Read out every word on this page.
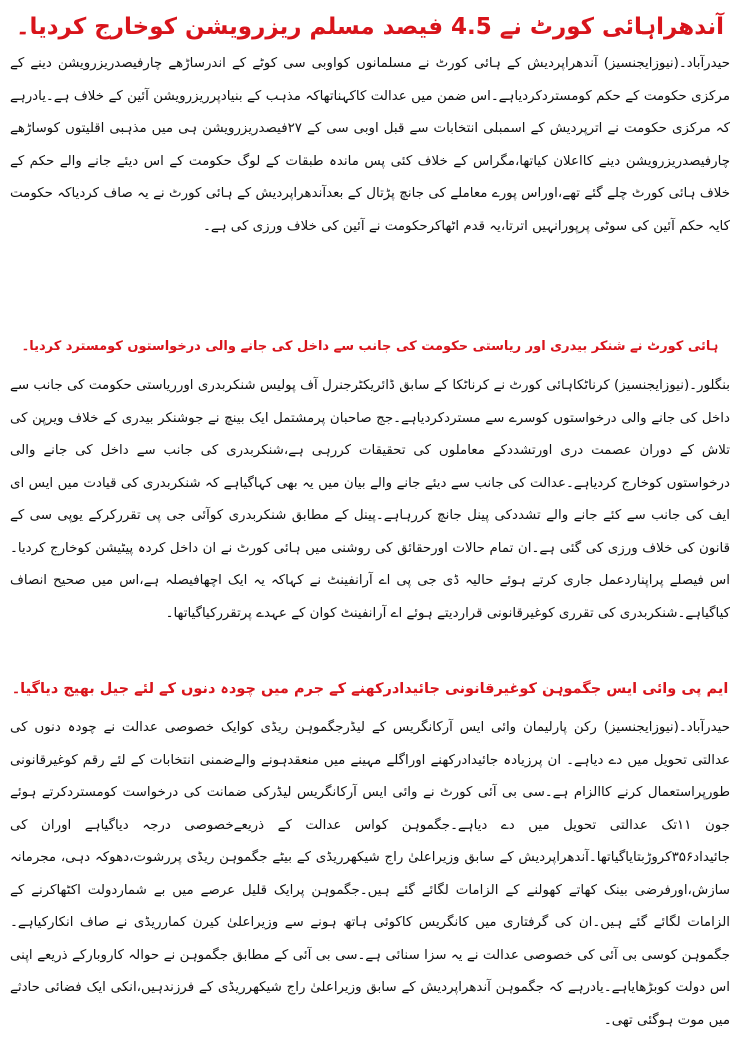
آندھراہائی کورٹ نے 4.5 فیصد مسلم ریزرویشن کوخارج کردیا۔

حیدرآباد۔(نیوزایجنسیز) آندھراپردیش کے ہائی کورٹ نے مسلمانوں کواوبی سی کوٹے کے اندرساڑھے چارفیصدریزرویشن دینے کے مرکزی حکومت کے حکم کومستردکردیاہے۔اس ضمن میں عدالت کاکہناتھاکہ مذہب کے بنیادپرریزرویشن آئین کے خلاف ہے۔یادرہے کہ مرکزی حکومت نے اترپردیش کے اسمبلی انتخابات سے قبل اوبی سی کے ۲۷فیصدریزرویشن ہی میں مذہبی اقلیتوں کوساڑھے چارفیصدریزرویشن دینے کااعلان کیاتھا،مگراس کے خلاف کئی پس ماندہ طبقات کے لوگ حکومت کے اس دیئے جانے والے حکم کے خلاف ہائی کورٹ چلے گئے تھے،اوراس پورے معاملے کی جانچ پڑتال کے بعدآندھراپردیش کے ہائی کورٹ نے یہ صاف کردیاکہ حکومت کایہ حکم آئین کی سوٹی پرپورانہیں اترتا،یہ قدم اٹھاکرحکومت نے آئین کی خلاف ورزی کی ہے۔

ہائی کورٹ نے شنکر بیدری اور ریاستی حکومت کی جانب سے داخل کی جانے والی درخواستوں کومسترد کردیا۔

بنگلور۔(نیوزایجنسیز) کرناٹکاہائی کورٹ نے کرناٹکا کے سابق ڈائریکٹرجنرل آف پولیس شنکربدری اورریاستی حکومت کی جانب سے داخل کی جانے والی درخواستوں کوسرے سے مستردکردیاہے۔جج صاحبان پرمشتمل ایک بینچ نے جوشنکر بیدری کے خلاف ویرپن کی تلاش کے دوران عصمت دری اورتشددکے معاملوں کی تحقیقات کررہی ہے،شنکربدری کی جانب سے داخل کی جانے والی درخواستوں کوخارج کردیاہے۔عدالت کی جانب سے دیئے جانے والے بیان میں یہ بھی کہاگیاہے کہ شنکربدری کی قیادت میں ایس ای ایف کی جانب سے کئے جانے والے تشددکی پینل جانچ کررہاہے۔پینل کے مطابق شنکربدری کوآئی جی پی تقررکرکے یوپی سی کے قانون کی خلاف ورزی کی گئی ہے۔ان تمام حالات اورحقائق کی روشنی میں ہائی کورٹ نے ان داخل کردہ پیٹیشن کوخارج کردیا۔اس فیصلے پراپناردعمل جاری کرتے ہوئے حالیہ ڈی جی پی اے آرانفینٹ نے کہاکہ یہ ایک اچھافیصلہ ہے،اس میں صحیح انصاف کیاگیاہے۔شنکربدری کی تقرری کوغیرقانونی قراردیتے ہوئے اے آرانفینٹ کوان کے عہدے پرتقررکیاگیاتھا۔

ایم پی وائی ایس جگموہن کوغیرقانونی جائیدادرکھنے کے جرم میں چودہ دنوں کے لئے جیل بھیج دیاگیا۔

حیدرآباد۔(نیوزایجنسیز) رکن پارلیمان وائی ایس آرکانگریس کے لیڈرجگموہن ریڈی کوایک خصوصی عدالت نے چودہ دنوں کی عدالتی تحویل میں دے دیاہے۔ ان پرزیادہ جائیدادرکھنے اوراگلے مہینے میں منعقدہونے والےضمنی انتخابات کے لئے رقم کوغیرقانونی طورپراستعمال کرنے کاالزام ہے۔سی بی آئی کورٹ نے وائی ایس آرکانگریس لیڈرکی ضمانت کی درخواست کومستردکرتے ہوئے جون ۱۱تک عدالتی تحویل میں دے دیاہے۔جگموہن کواس عدالت کے ذریعےخصوصی درجہ دیاگیاہے اوران کی جائیداد۳۵۶کروڑبتایاگیاتھا۔آندھراپردیش کے سابق وزیراعلیٰ راج شیکھرریڈی کے بیٹے جگموہن ریڈی پررشوت،دھوکہ دہی، مجرمانہ سازش،اورفرضی بینک کھاتے کھولنے کے الزامات لگائے گئے ہیں۔جگموہن پرایک قلیل عرصے میں بے شماردولت اکٹھاکرنے کے الزامات لگائے گئے ہیں۔ان کی گرفتاری میں کانگریس کاکوئی ہاتھ ہونے سے وزیراعلیٰ کیرن کمارریڈی نے صاف انکارکیاہے۔جگموہن کوسی بی آئی کی خصوصی عدالت نے یہ سزا سنائی ہے۔سی بی آئی کے مطابق جگموہن نے حوالہ کاروبارکے ذریعے اپنی اس دولت کوبڑھایاہے۔یادرہے کہ جگموہن آندھراپردیش کے سابق وزیراعلیٰ راج شیکھرریڈی کے فرزندہیں،انکی ایک فضائی حادثے میں موت ہوگئی تھی۔
